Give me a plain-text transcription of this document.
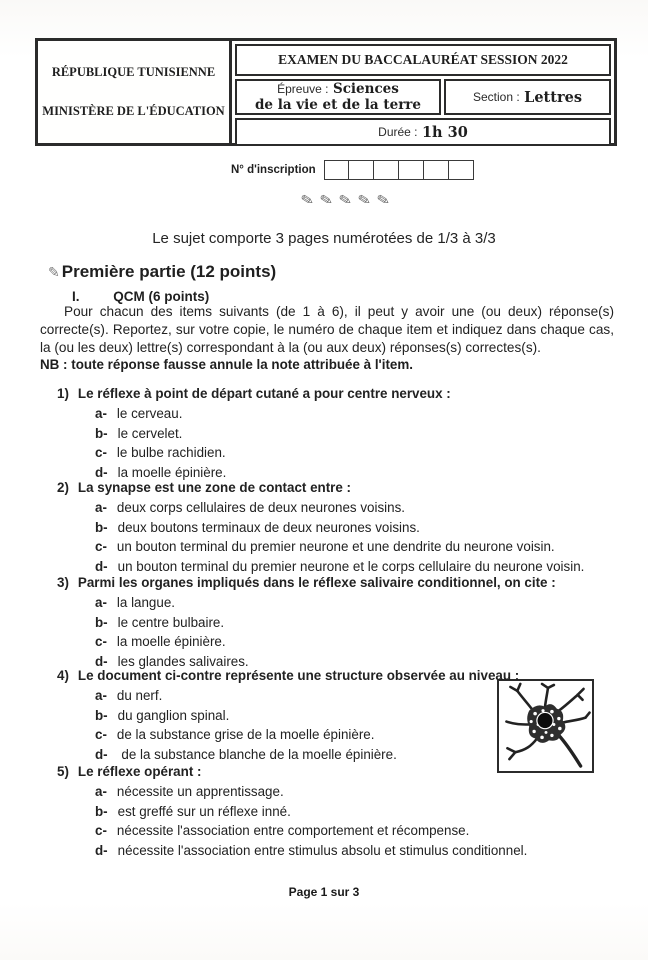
RÉPUBLIQUE TUNISIENNE
MINISTÈRE DE L'ÉDUCATION
EXAMEN DU BACCALAURÉAT SESSION 2022
Épreuve : Sciences
de la vie et de la terre	Section :
Lettres
Durée :
1h 30
N° d'inscription
✎ ✎ ✎ ✎ ✎
Le sujet comporte 3 pages numérotées de 1/3 à 3/3
✎ Première partie (12 points)
I.	QCM (6 points)
Pour chacun des items suivants (de 1 à 6), il peut y avoir une (ou deux) réponse(s) correcte(s). Reportez, sur votre copie, le numéro de chaque item et indiquez dans chaque cas, la (ou les deux) lettre(s) correspondant à la (ou aux deux) réponses(s) correctes(s).
NB : toute réponse fausse annule la note attribuée à l'item.
1) Le réflexe à point de départ cutané a pour centre nerveux :
a- le cerveau.
b- le cervelet.
c- le bulbe rachidien.
d- la moelle épinière.
2) La synapse est une zone de contact entre :
a- deux corps cellulaires de deux neurones voisins.
b- deux boutons terminaux de deux neurones voisins.
c- un bouton terminal du premier neurone et une dendrite du neurone voisin.
d- un bouton terminal du premier neurone et le corps cellulaire du neurone voisin.
3) Parmi les organes impliqués dans le réflexe salivaire conditionnel, on cite :
a- la langue.
b- le centre bulbaire.
c- la moelle épinière.
d- les glandes salivaires.
4) Le document ci-contre représente une structure observée au niveau :
a- du nerf.
b- du ganglion spinal.
c- de la substance grise de la moelle épinière.
d- de la substance blanche de la moelle épinière.
5) Le réflexe opérant :
a- nécessite un apprentissage.
b- est greffé sur un réflexe inné.
c- nécessite l'association entre comportement et récompense.
d- nécessite l'association entre stimulus absolu et stimulus conditionnel.
Page 1 sur 3
